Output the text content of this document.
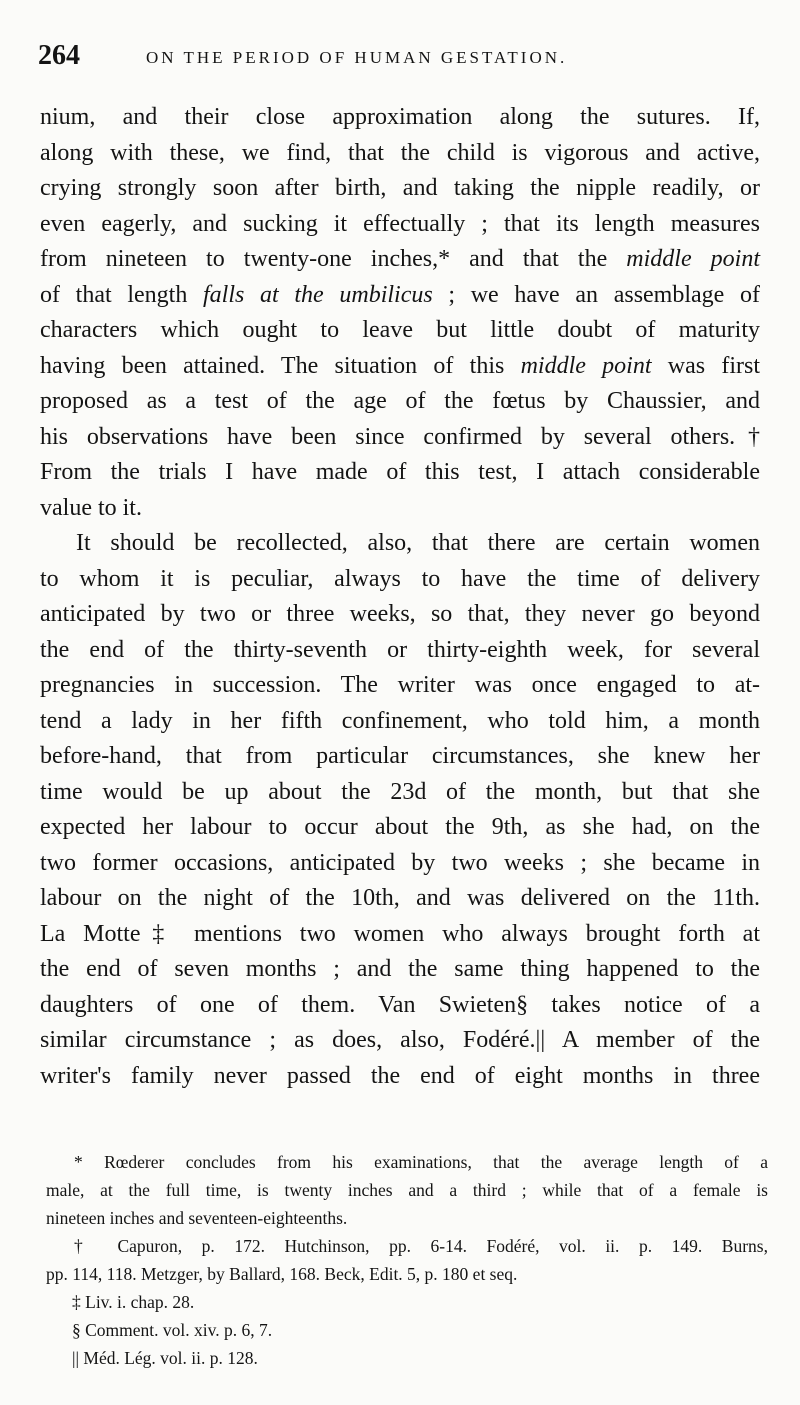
264	ON THE PERIOD OF HUMAN GESTATION.
nium, and their close approximation along the sutures. If,
along with these, we find, that the child is vigorous and active,
crying strongly soon after birth, and taking the nipple readily, or
even eagerly, and sucking it effectually ; that its length measures
from nineteen to twenty-one inches,* and that the middle point
of that length falls at the umbilicus ; we have an assemblage of
characters which ought to leave but little doubt of maturity
having been attained. The situation of this middle point was first
proposed as a test of the age of the fœtus by Chaussier, and
his observations have been since confirmed by several others.†
From the trials I have made of this test, I attach considerable
value to it.
It should be recollected, also, that there are certain women
to whom it is peculiar, always to have the time of delivery
anticipated by two or three weeks, so that, they never go beyond
the end of the thirty-seventh or thirty-eighth week, for several
pregnancies in succession. The writer was once engaged to at-
tend a lady in her fifth confinement, who told him, a month
before-hand, that from particular circumstances, she knew her
time would be up about the 23d of the month, but that she
expected her labour to occur about the 9th, as she had, on the
two former occasions, anticipated by two weeks ; she became in
labour on the night of the 10th, and was delivered on the 11th.
La Motte‡ mentions two women who always brought forth at
the end of seven months ; and the same thing happened to the
daughters of one of them. Van Swieten§ takes notice of a
similar circumstance ; as does, also, Fodéré.|| A member of the
writer's family never passed the end of eight months in three
* Rœderer concludes from his examinations, that the average length of a
male, at the full time, is twenty inches and a third ; while that of a female is
nineteen inches and seventeen-eighteenths.
† Capuron, p. 172. Hutchinson, pp. 6-14. Fodéré, vol. ii. p. 149. Burns,
pp. 114, 118. Metzger, by Ballard, 168. Beck, Edit. 5, p. 180 et seq.
‡ Liv. i. chap. 28.
§ Comment. vol. xiv. p. 6, 7.
|| Méd. Lég. vol. ii. p. 128.
